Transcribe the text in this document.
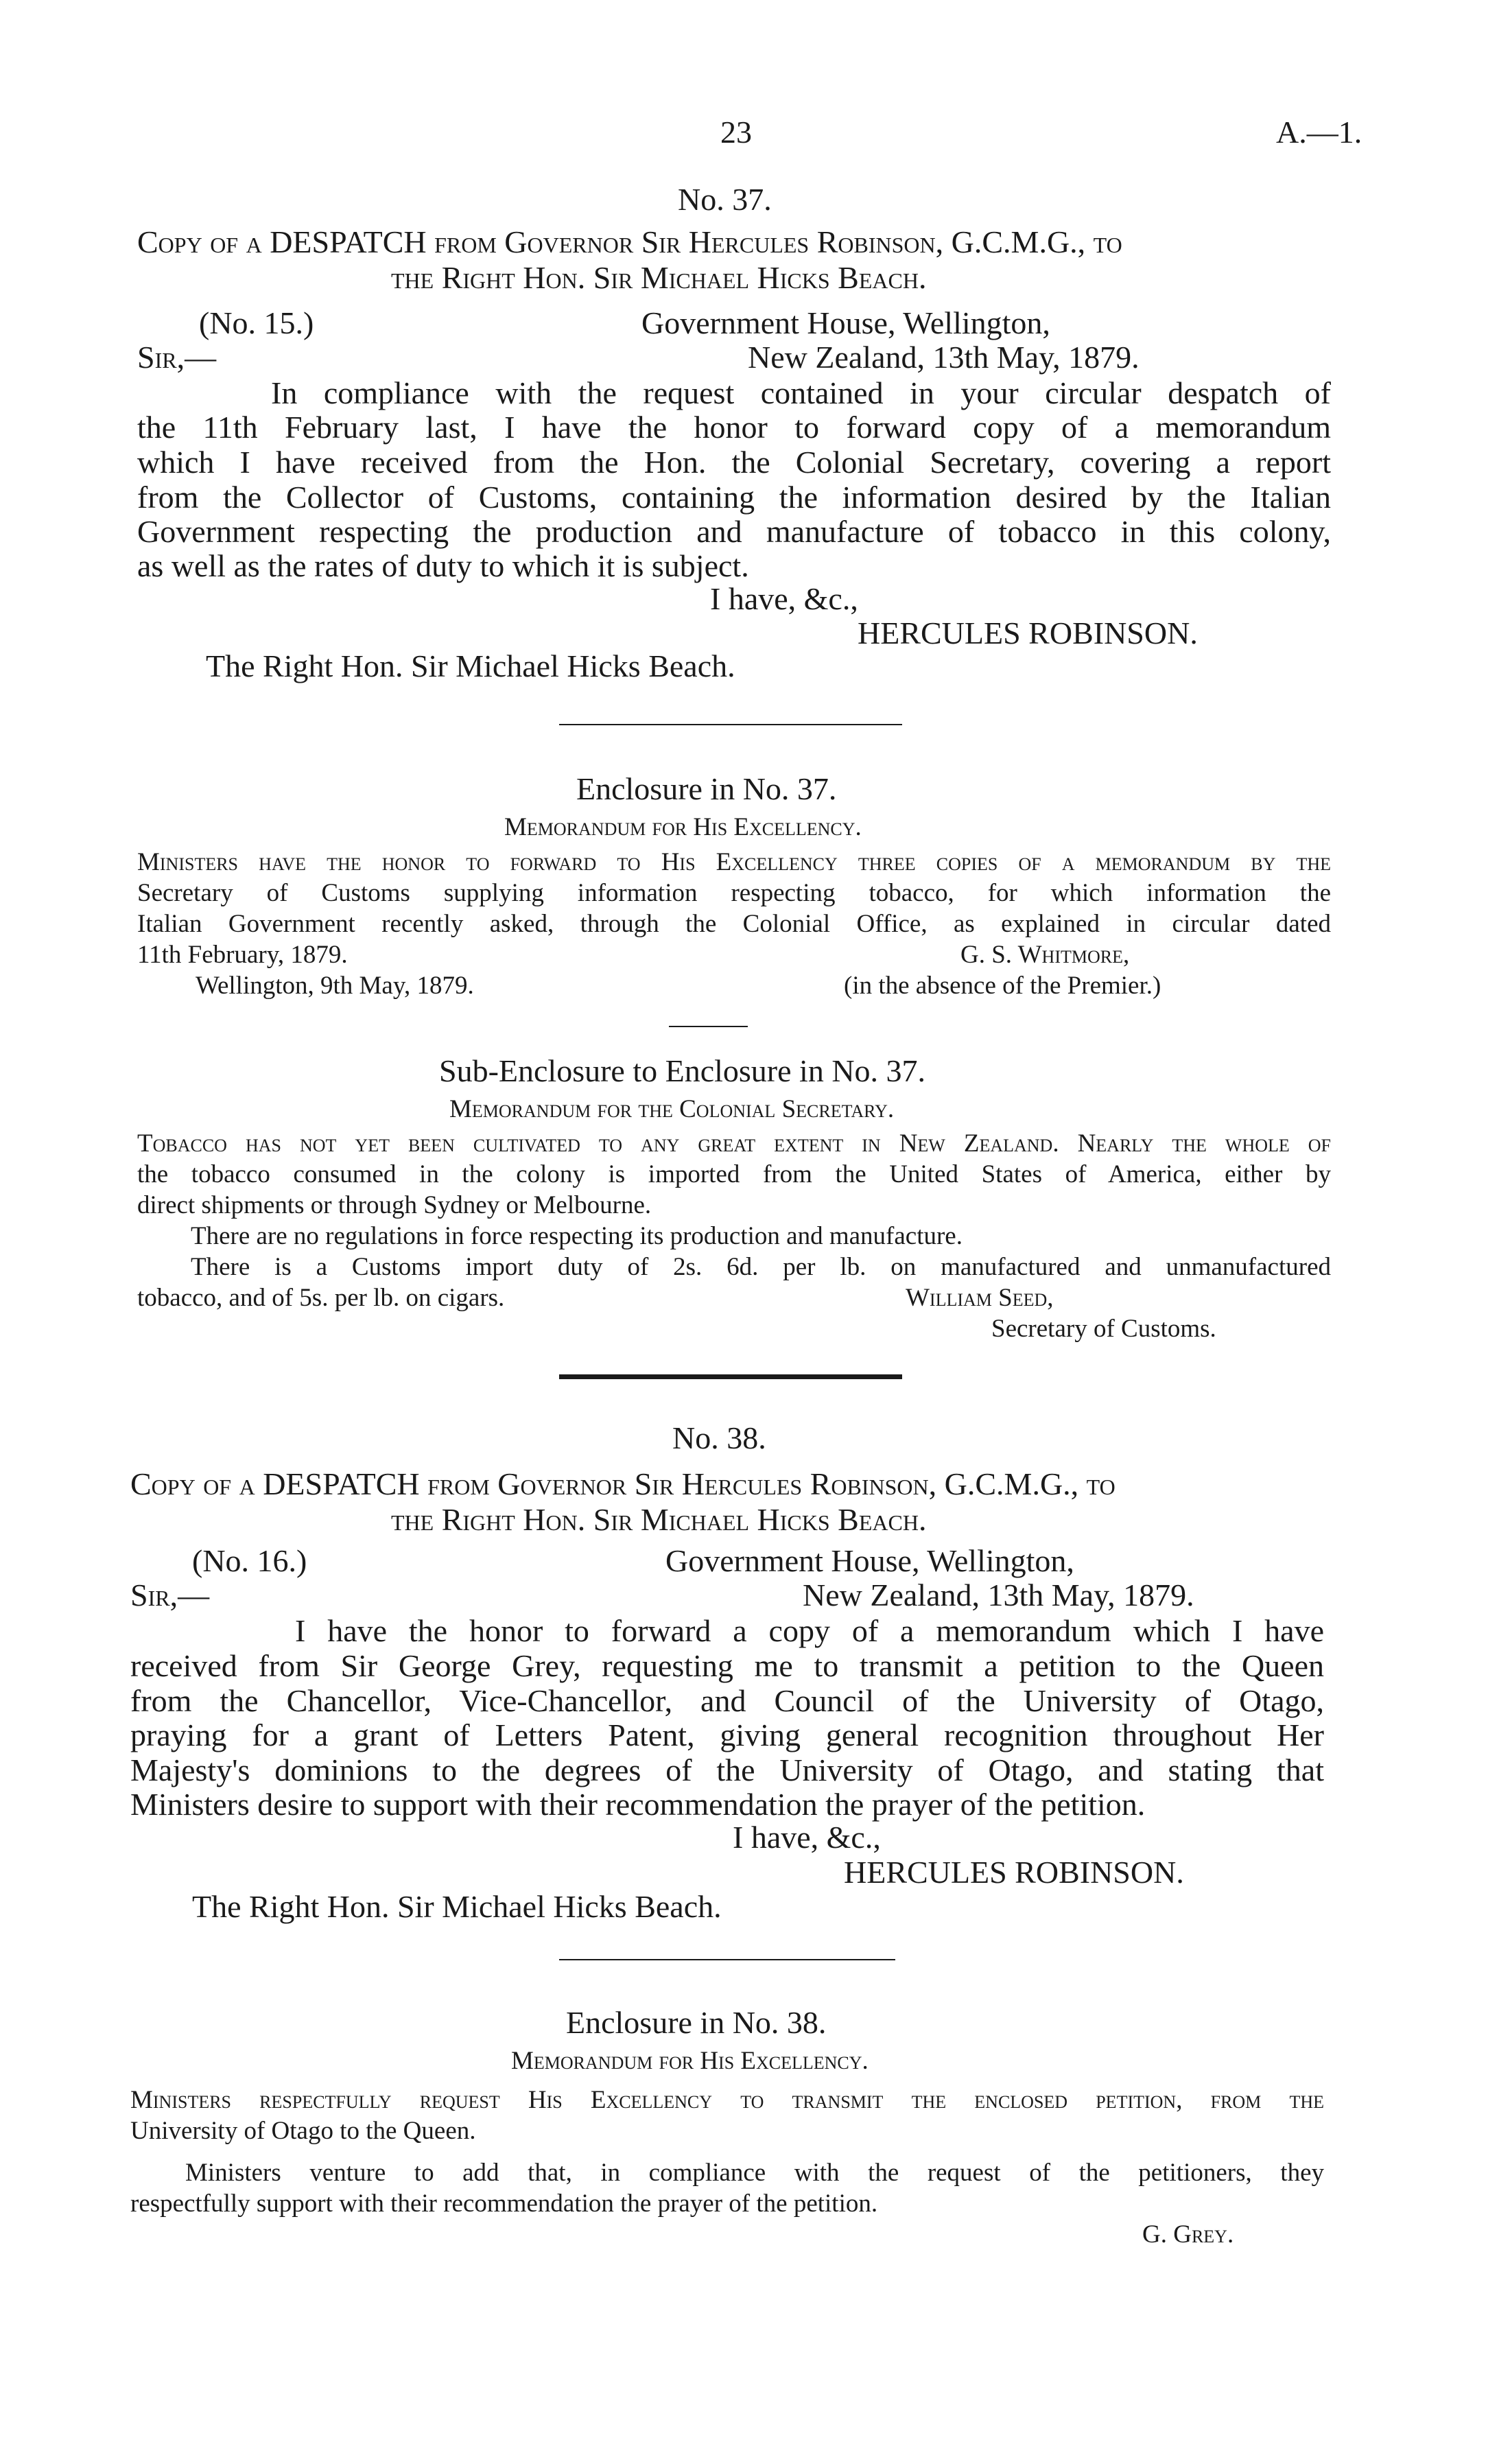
23	A.—1.
No. 37.
Copy of a DESPATCH from Governor Sir Hercules Robinson, G.C.M.G., to
the Right Hon. Sir Michael Hicks Beach.
(No. 15.)	Government House, Wellington,
Sir,—	New Zealand, 13th May, 1879.
In compliance with the request contained in your circular despatch of
the 11th February last, I have the honor to forward copy of a memorandum
which I have received from the Hon. the Colonial Secretary, covering a report
from the Collector of Customs, containing the information desired by the Italian
Government respecting the production and manufacture of tobacco in this colony,
as well as the rates of duty to which it is subject.
I have, &c.,
HERCULES ROBINSON.
The Right Hon. Sir Michael Hicks Beach.
Enclosure in No. 37.
Memorandum for His Excellency.
Ministers have the honor to forward to His Excellency three copies of a memorandum by the
Secretary of Customs supplying information respecting tobacco, for which information the
Italian Government recently asked, through the Colonial Office, as explained in circular dated
11th February, 1879.	G. S. Whitmore,
Wellington, 9th May, 1879.	(in the absence of the Premier.)
Sub-Enclosure to Enclosure in No. 37.
Memorandum for the Colonial Secretary.
Tobacco has not yet been cultivated to any great extent in New Zealand. Nearly the whole of
the tobacco consumed in the colony is imported from the United States of America, either by
direct shipments or through Sydney or Melbourne.
There are no regulations in force respecting its production and manufacture.
There is a Customs import duty of 2s. 6d. per lb. on manufactured and unmanufactured
tobacco, and of 5s. per lb. on cigars.	William Seed,
Secretary of Customs.
No. 38.
Copy of a DESPATCH from Governor Sir Hercules Robinson, G.C.M.G., to
the Right Hon. Sir Michael Hicks Beach.
(No. 16.)	Government House, Wellington,
Sir,—	New Zealand, 13th May, 1879.
I have the honor to forward a copy of a memorandum which I have
received from Sir George Grey, requesting me to transmit a petition to the Queen
from the Chancellor, Vice-Chancellor, and Council of the University of Otago,
praying for a grant of Letters Patent, giving general recognition throughout Her
Majesty's dominions to the degrees of the University of Otago, and stating that
Ministers desire to support with their recommendation the prayer of the petition.
I have, &c.,
HERCULES ROBINSON.
The Right Hon. Sir Michael Hicks Beach.
Enclosure in No. 38.
Memorandum for His Excellency.
Ministers respectfully request His Excellency to transmit the enclosed petition, from the
University of Otago to the Queen.
Ministers venture to add that, in compliance with the request of the petitioners, they
respectfully support with their recommendation the prayer of the petition.
G. Grey.
